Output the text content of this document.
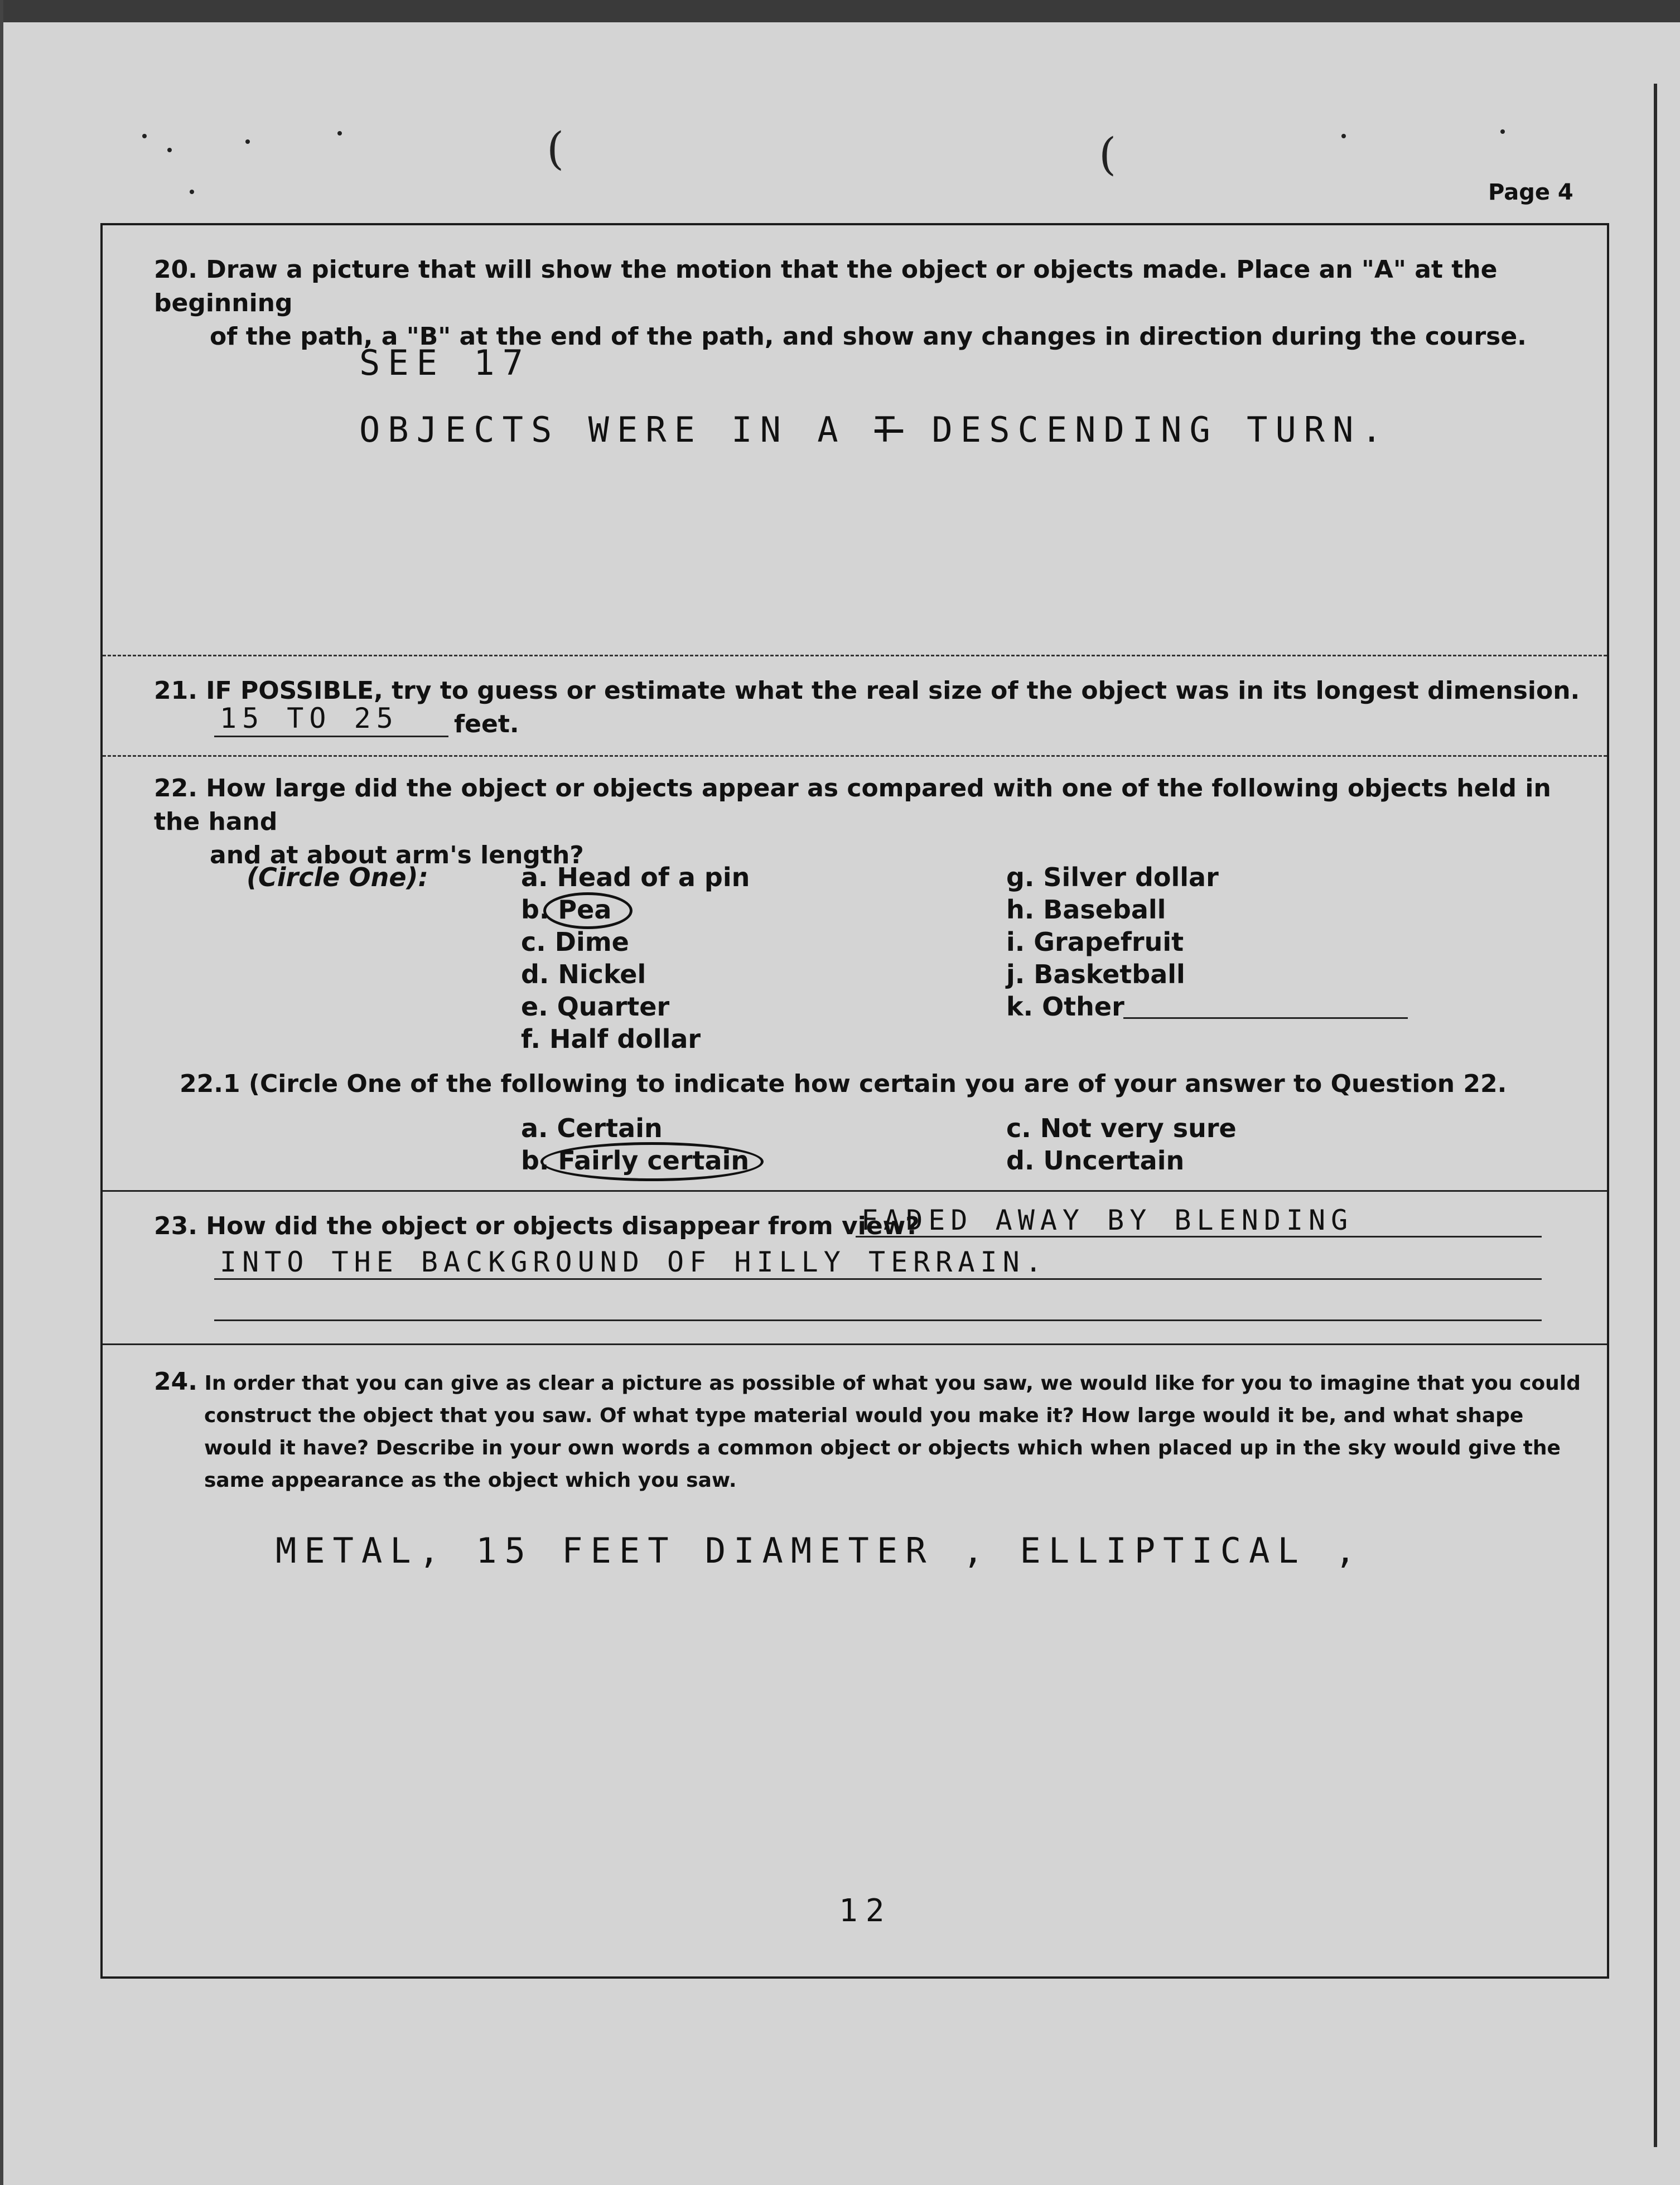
(	(
Page 4
20. Draw a picture that will show the motion that the object or objects made. Place an "A" at the beginning
of the path, a "B" at the end of the path, and show any changes in direction during the course.
SEE 17
OBJECTS WERE IN A T DESCENDING TURN.
21. IF POSSIBLE, try to guess or estimate what the real size of the object was in its longest dimension.
15 TO 25 feet.
22. How large did the object or objects appear as compared with one of the following objects held in the hand
and at about arm's length?
(Circle One):	a. Head of a pin
b. Pea
c. Dime
d. Nickel
e. Quarter
f. Half dollar
g. Silver dollar
h. Baseball
i. Grapefruit
j. Basketball
k. Other
22.1 (Circle One of the following to indicate how certain you are of your answer to Question 22.
a. Certain
b. Fairly certain
c. Not very sure
d. Uncertain
23. How did the object or objects disappear from view?
FADED AWAY BY BLENDING
INTO THE BACKGROUND OF HILLY TERRAIN.
24. In order that you can give as clear a picture as possible of what you saw, we would like for you to imagine that you could
construct the object that you saw. Of what type material would you make it? How large would it be, and what shape
would it have? Describe in your own words a common object or objects which when placed up in the sky would give the
same appearance as the object which you saw.
METAL, 15 FEET DIAMETER , ELLIPTICAL ,
12
